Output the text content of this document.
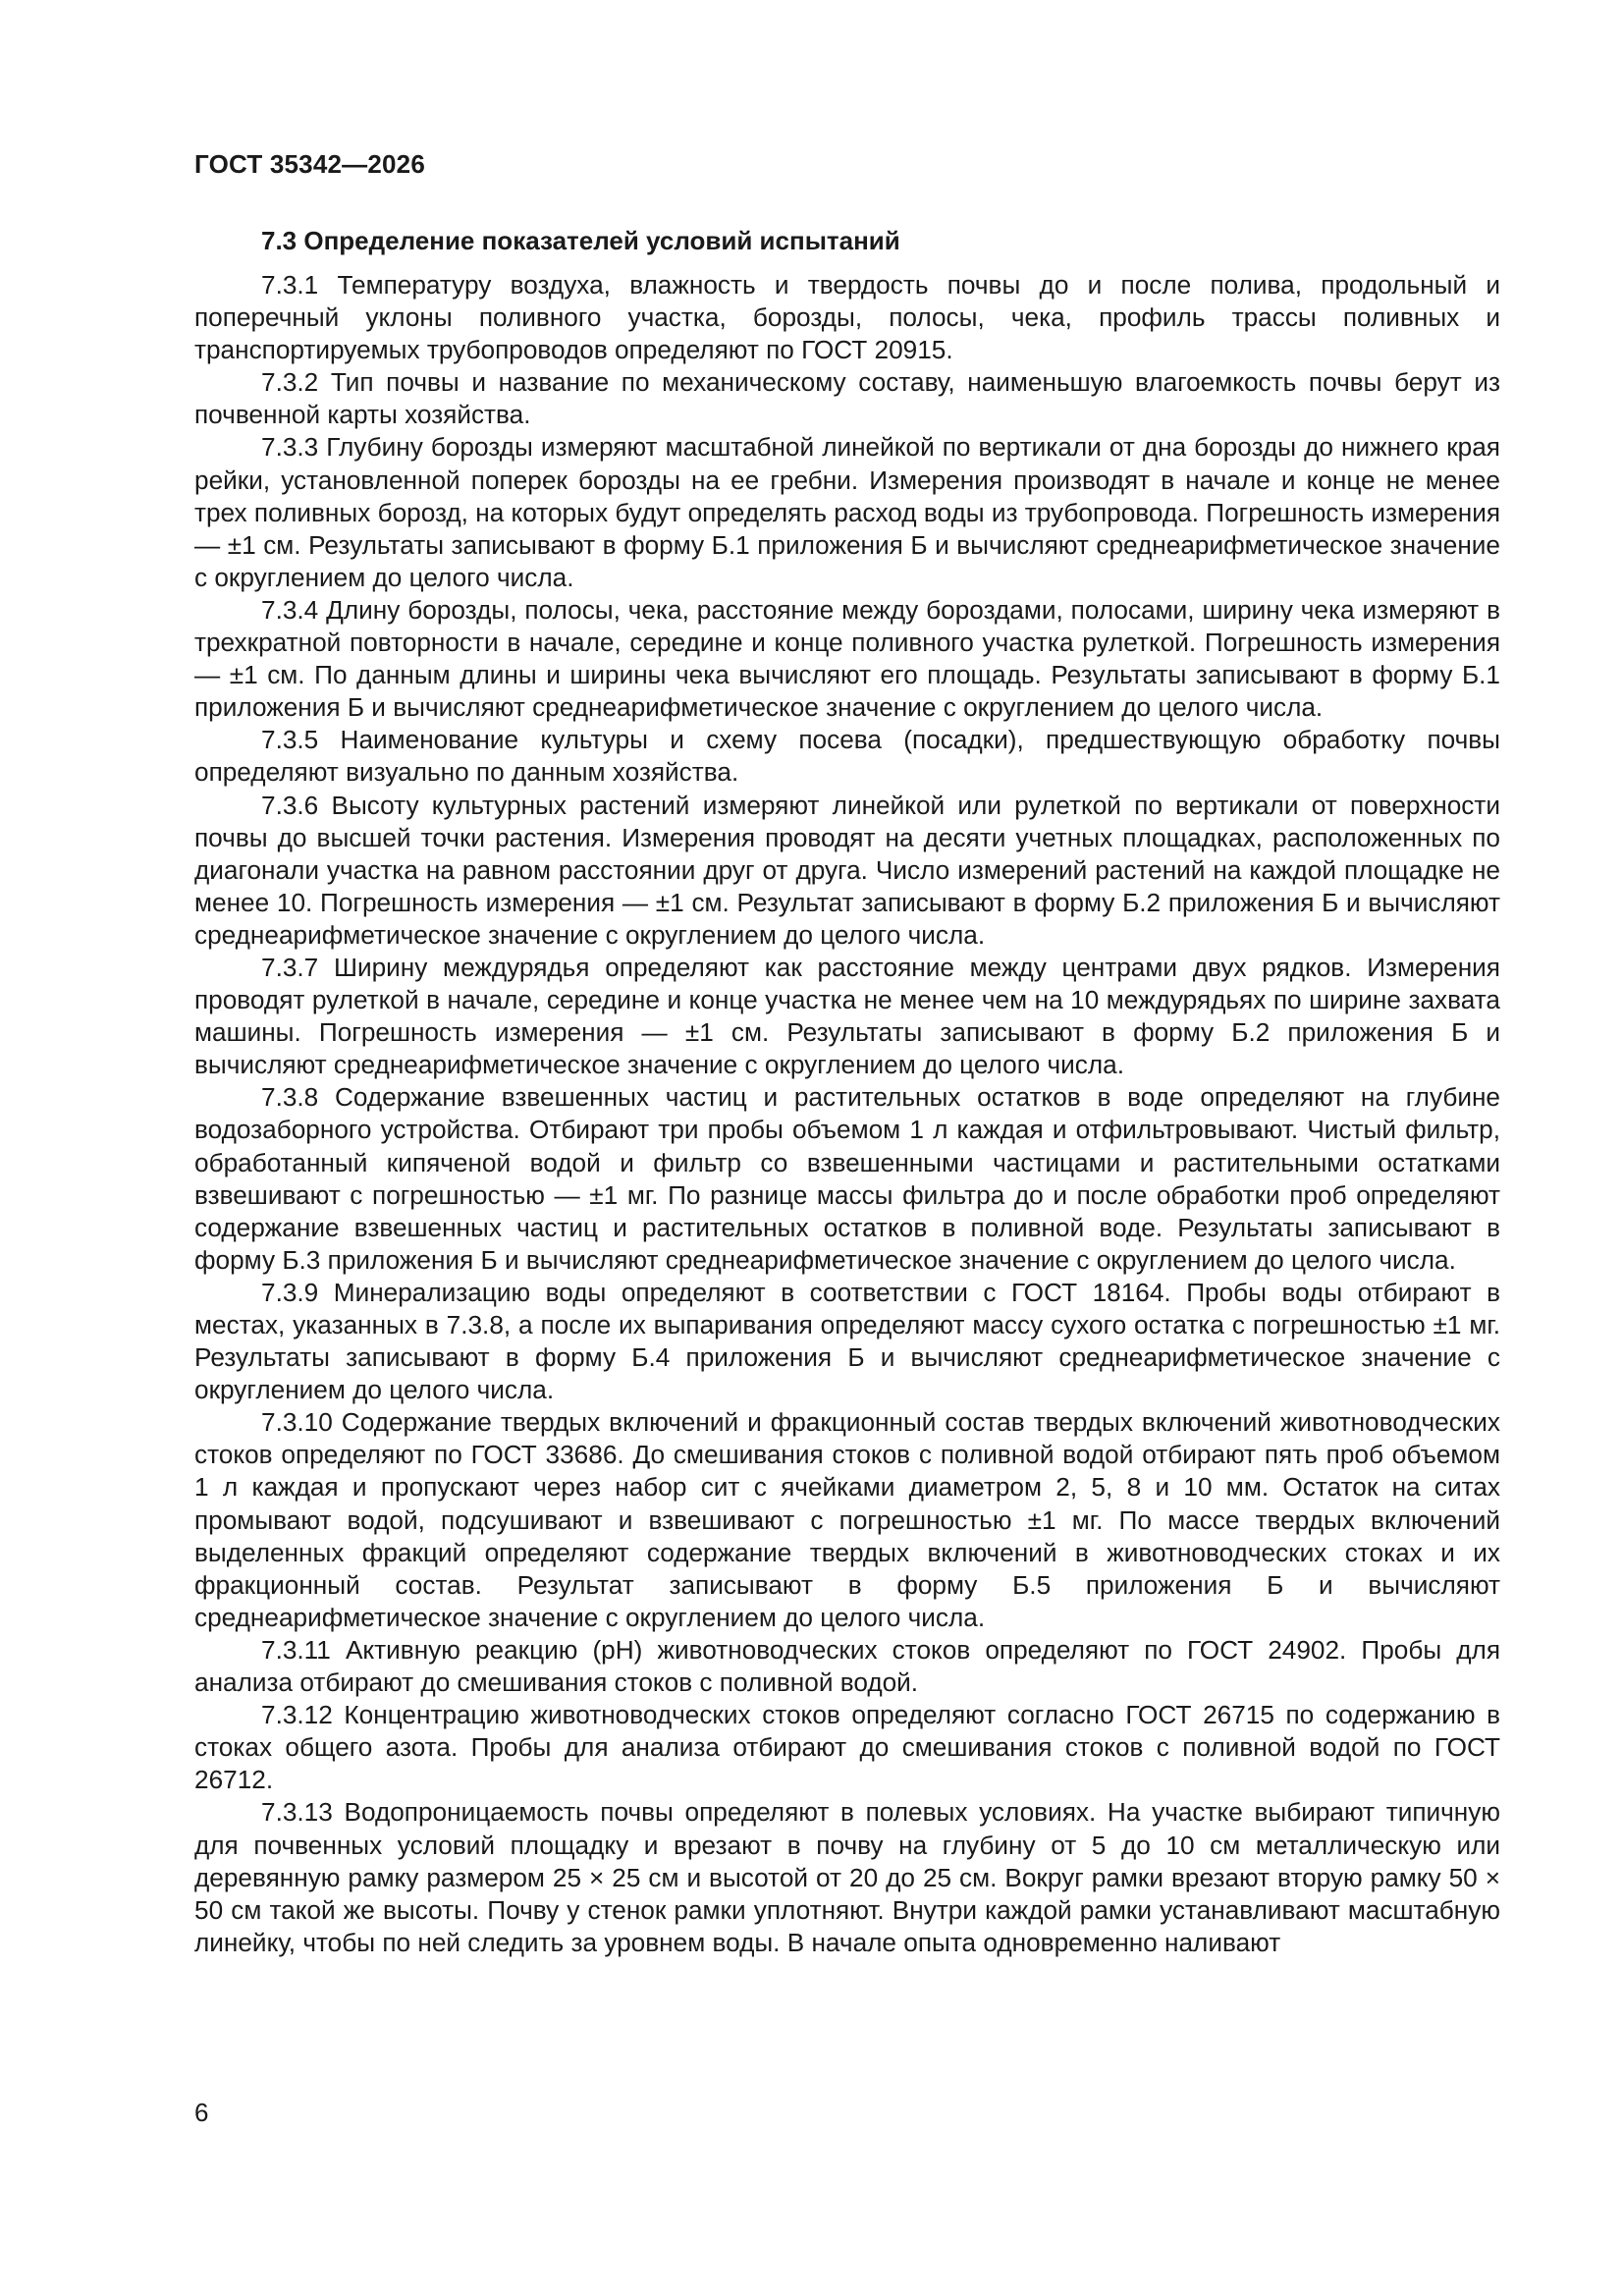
ГОСТ 35342—2026
7.3 Определение показателей условий испытаний

7.3.1 Температуру воздуха, влажность и твердость почвы до и после полива, продольный и поперечный уклоны поливного участка, борозды, полосы, чека, профиль трассы поливных и транспортируемых трубопроводов определяют по ГОСТ 20915.

7.3.2 Тип почвы и название по механическому составу, наименьшую влагоемкость почвы берут из почвенной карты хозяйства.

7.3.3 Глубину борозды измеряют масштабной линейкой по вертикали от дна борозды до нижнего края рейки, установленной поперек борозды на ее гребни. Измерения производят в начале и конце не менее трех поливных борозд, на которых будут определять расход воды из трубопровода. Погрешность измерения — ±1 см. Результаты записывают в форму Б.1 приложения Б и вычисляют среднеарифметическое значение с округлением до целого числа.

7.3.4 Длину борозды, полосы, чека, расстояние между бороздами, полосами, ширину чека измеряют в трехкратной повторности в начале, середине и конце поливного участка рулеткой. Погрешность измерения — ±1 см. По данным длины и ширины чека вычисляют его площадь. Результаты записывают в форму Б.1 приложения Б и вычисляют среднеарифметическое значение с округлением до целого числа.

7.3.5 Наименование культуры и схему посева (посадки), предшествующую обработку почвы определяют визуально по данным хозяйства.

7.3.6 Высоту культурных растений измеряют линейкой или рулеткой по вертикали от поверхности почвы до высшей точки растения. Измерения проводят на десяти учетных площадках, расположенных по диагонали участка на равном расстоянии друг от друга. Число измерений растений на каждой площадке не менее 10. Погрешность измерения — ±1 см. Результат записывают в форму Б.2 приложения Б и вычисляют среднеарифметическое значение с округлением до целого числа.

7.3.7 Ширину междурядья определяют как расстояние между центрами двух рядков. Измерения проводят рулеткой в начале, середине и конце участка не менее чем на 10 междурядьях по ширине захвата машины. Погрешность измерения — ±1 см. Результаты записывают в форму Б.2 приложения Б и вычисляют среднеарифметическое значение с округлением до целого числа.

7.3.8 Содержание взвешенных частиц и растительных остатков в воде определяют на глубине водозаборного устройства. Отбирают три пробы объемом 1 л каждая и отфильтровывают. Чистый фильтр, обработанный кипяченой водой и фильтр со взвешенными частицами и растительными остатками взвешивают с погрешностью — ±1 мг. По разнице массы фильтра до и после обработки проб определяют содержание взвешенных частиц и растительных остатков в поливной воде. Результаты записывают в форму Б.3 приложения Б и вычисляют среднеарифметическое значение с округлением до целого числа.

7.3.9 Минерализацию воды определяют в соответствии с ГОСТ 18164. Пробы воды отбирают в местах, указанных в 7.3.8, а после их выпаривания определяют массу сухого остатка с погрешностью ±1 мг. Результаты записывают в форму Б.4 приложения Б и вычисляют среднеарифметическое значение с округлением до целого числа.

7.3.10 Содержание твердых включений и фракционный состав твердых включений животноводческих стоков определяют по ГОСТ 33686. До смешивания стоков с поливной водой отбирают пять проб объемом 1 л каждая и пропускают через набор сит с ячейками диаметром 2, 5, 8 и 10 мм. Остаток на ситах промывают водой, подсушивают и взвешивают с погрешностью ±1 мг. По массе твердых включений выделенных фракций определяют содержание твердых включений в животноводческих стоках и их фракционный состав. Результат записывают в форму Б.5 приложения Б и вычисляют среднеарифметическое значение с округлением до целого числа.

7.3.11 Активную реакцию (рН) животноводческих стоков определяют по ГОСТ 24902. Пробы для анализа отбирают до смешивания стоков с поливной водой.

7.3.12 Концентрацию животноводческих стоков определяют согласно ГОСТ 26715 по содержанию в стоках общего азота. Пробы для анализа отбирают до смешивания стоков с поливной водой по ГОСТ 26712.

7.3.13 Водопроницаемость почвы определяют в полевых условиях. На участке выбирают типичную для почвенных условий площадку и врезают в почву на глубину от 5 до 10 см металлическую или деревянную рамку размером 25 × 25 см и высотой от 20 до 25 см. Вокруг рамки врезают вторую рамку 50 × 50 см такой же высоты. Почву у стенок рамки уплотняют. Внутри каждой рамки устанавливают масштабную линейку, чтобы по ней следить за уровнем воды. В начале опыта одновременно наливают

6
